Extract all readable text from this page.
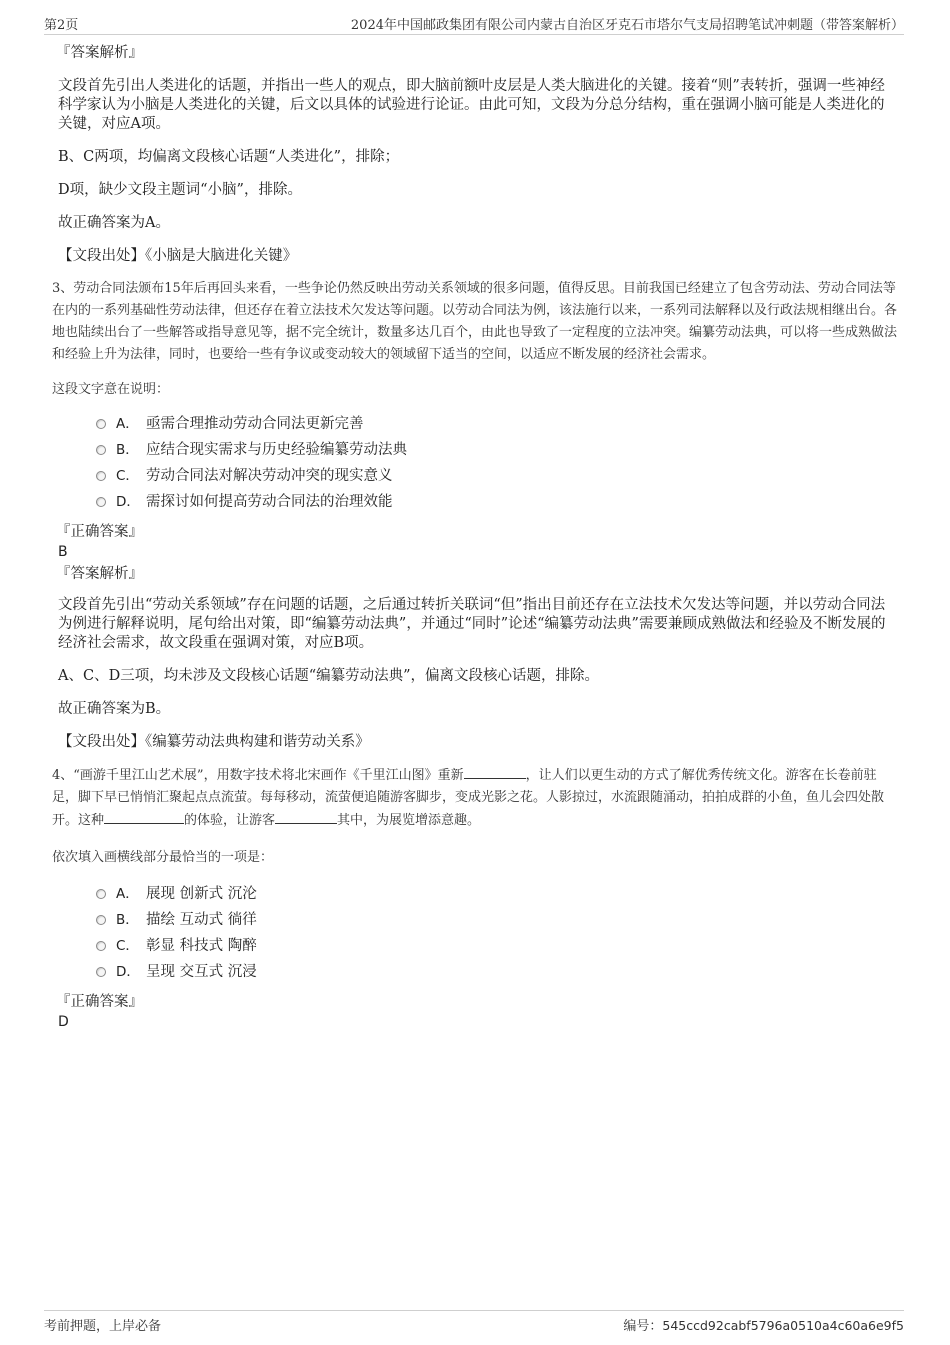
第2页	2024年中国邮政集团有限公司内蒙古自治区牙克石市塔尔气支局招聘笔试冲刺题（带答案解析）
『答案解析』

文段首先引出人类进化的话题，并指出一些人的观点，即大脑前额叶皮层是人类大脑进化的关键。接着“则”表转折，强调一些神经科学家认为小脑是人类进化的关键，后文以具体的试验进行论证。由此可知，文段为分总分结构，重在强调小脑可能是人类进化的关键，对应A项。

B、C两项，均偏离文段核心话题“人类进化”，排除；

D项，缺少文段主题词“小脑”，排除。

故正确答案为A。

【文段出处】《小脑是大脑进化关键》

3、劳动合同法颁布15年后再回头来看，一些争论仍然反映出劳动关系领域的很多问题，值得反思。目前我国已经建立了包含劳动法、劳动合同法等在内的一系列基础性劳动法律，但还存在着立法技术欠发达等问题。以劳动合同法为例，该法施行以来，一系列司法解释以及行政法规相继出台。各地也陆续出台了一些解答或指导意见等，据不完全统计，数量多达几百个，由此也导致了一定程度的立法冲突。编纂劳动法典，可以将一些成熟做法和经验上升为法律，同时，也要给一些有争议或变动较大的领域留下适当的空间，以适应不断发展的经济社会需求。

这段文字意在说明：

A． 亟需合理推动劳动合同法更新完善
B． 应结合现实需求与历史经验编纂劳动法典
C． 劳动合同法对解决劳动冲突的现实意义
D． 需探讨如何提高劳动合同法的治理效能
『正确答案』
B
『答案解析』

文段首先引出“劳动关系领域”存在问题的话题，之后通过转折关联词“但”指出目前还存在立法技术欠发达等问题，并以劳动合同法为例进行解释说明，尾句给出对策，即“编纂劳动法典”，并通过“同时”论述“编纂劳动法典”需要兼顾成熟做法和经验及不断发展的经济社会需求，故文段重在强调对策，对应B项。

A、C、D三项，均未涉及文段核心话题“编纂劳动法典”，偏离文段核心话题，排除。

故正确答案为B。

【文段出处】《编纂劳动法典构建和谐劳动关系》

4、“画游千里江山艺术展”，用数字技术将北宋画作《千里江山图》重新	，让人们以更生动的方式了解优秀传统文化。游客在长卷前驻足，脚下早已悄悄汇聚起点点流萤。每每移动，流萤便追随游客脚步，变成光影之花。人影掠过，水流跟随涌动，拍拍成群的小鱼，鱼儿会四处散开。这种	的体验，让游客	其中，为展览增添意趣。

依次填入画横线部分最恰当的一项是：

A． 展现 创新式 沉沦
B． 描绘 互动式 徜徉
C． 彰显 科技式 陶醉
D． 呈现 交互式 沉浸
『正确答案』
D
考前押题，上岸必备	编号：545ccd92cabf5796a0510a4c60a6e9f5
